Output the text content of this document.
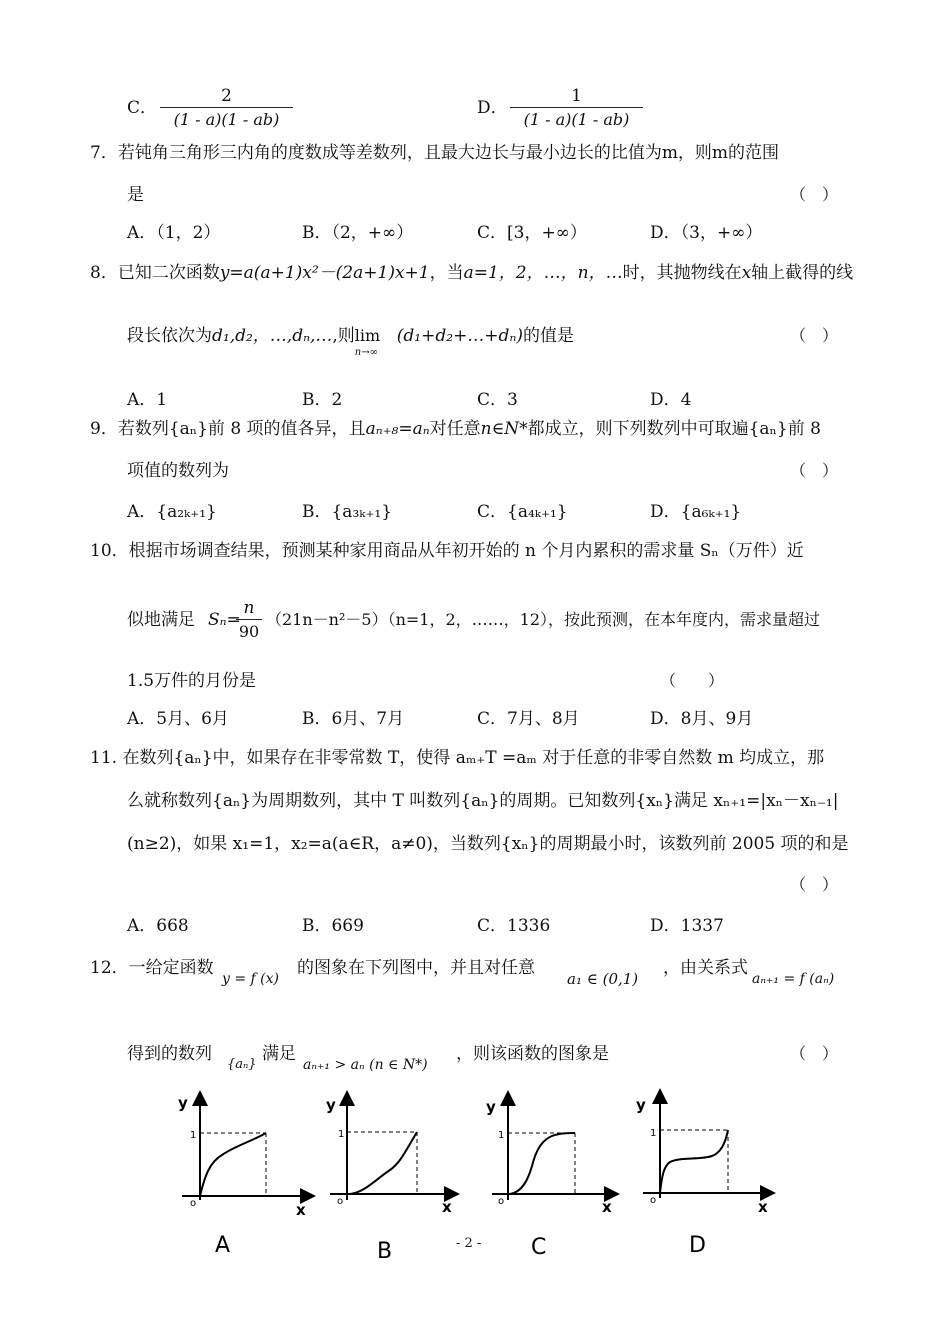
C．
2
(1 - a)(1 - ab)
D．
1
(1 - a)(1 - ab)
7．若钝角三角形三内角的度数成等差数列，且最大边长与最小边长的比值为m，则m的范围
是	（　）
A．（1，2）	B．（2，+∞）	C．[3，+∞）	D．（3，+∞）
8．已知二次函数y=a(a+1)x²－(2a+1)x+1，当a=1，2，…，n，…时，其抛物线在x轴上截得的线
段长依次为d₁,d₂，…,dₙ,…,则lim
n→∞
(d₁+d₂+…+dₙ)的值是	（　）
A．1	B．2	C．3	D．4
9．若数列{aₙ}前 8 项的值各异，且aₙ₊₈=aₙ对任意n∈N*都成立，则下列数列中可取遍{aₙ}前 8
项值的数列为	（　）
A．{a₂ₖ₊₁}	B．{a₃ₖ₊₁}	C．{a₄ₖ₊₁}	D．{a₆ₖ₊₁}
10．根据市场调查结果，预测某种家用商品从年初开始的 n 个月内累积的需求量 Sₙ（万件）近
似地满足 Sₙ=
n
90
（21n－n²－5）（n=1，2，……，12），按此预测，在本年度内，需求量超过
1.5万件的月份是	（　　）
A．5月、6月	B．6月、7月	C．7月、8月	D．8月、9月
11. 在数列{aₙ}中，如果存在非零常数 T，使得 aₘ₊T =aₘ 对于任意的非零自然数 m 均成立，那
么就称数列{aₙ}为周期数列，其中 T 叫数列{aₙ}的周期。已知数列{xₙ}满足 xₙ₊₁=|xₙ－xₙ₋₁|
(n≥2)，如果 x₁=1，x₂=a(a∈R，a≠0)，当数列{xₙ}的周期最小时，该数列前 2005 项的和是
（　）
A．668	B．669	C．1336	D．1337
12．一给定函数
y = f (x)
的图象在下列图中，并且对任意
a₁ ∈ (0,1)
，由关系式
aₙ₊₁ = f (aₙ)
得到的数列
{aₙ}
满足
aₙ₊₁ > aₙ (n ∈ N*)
，则该函数的图象是	（　）
y
1
o	x
A
y
1
o	x
B
y
1
o	x
C
y
1
o	x
D
- 2 -
